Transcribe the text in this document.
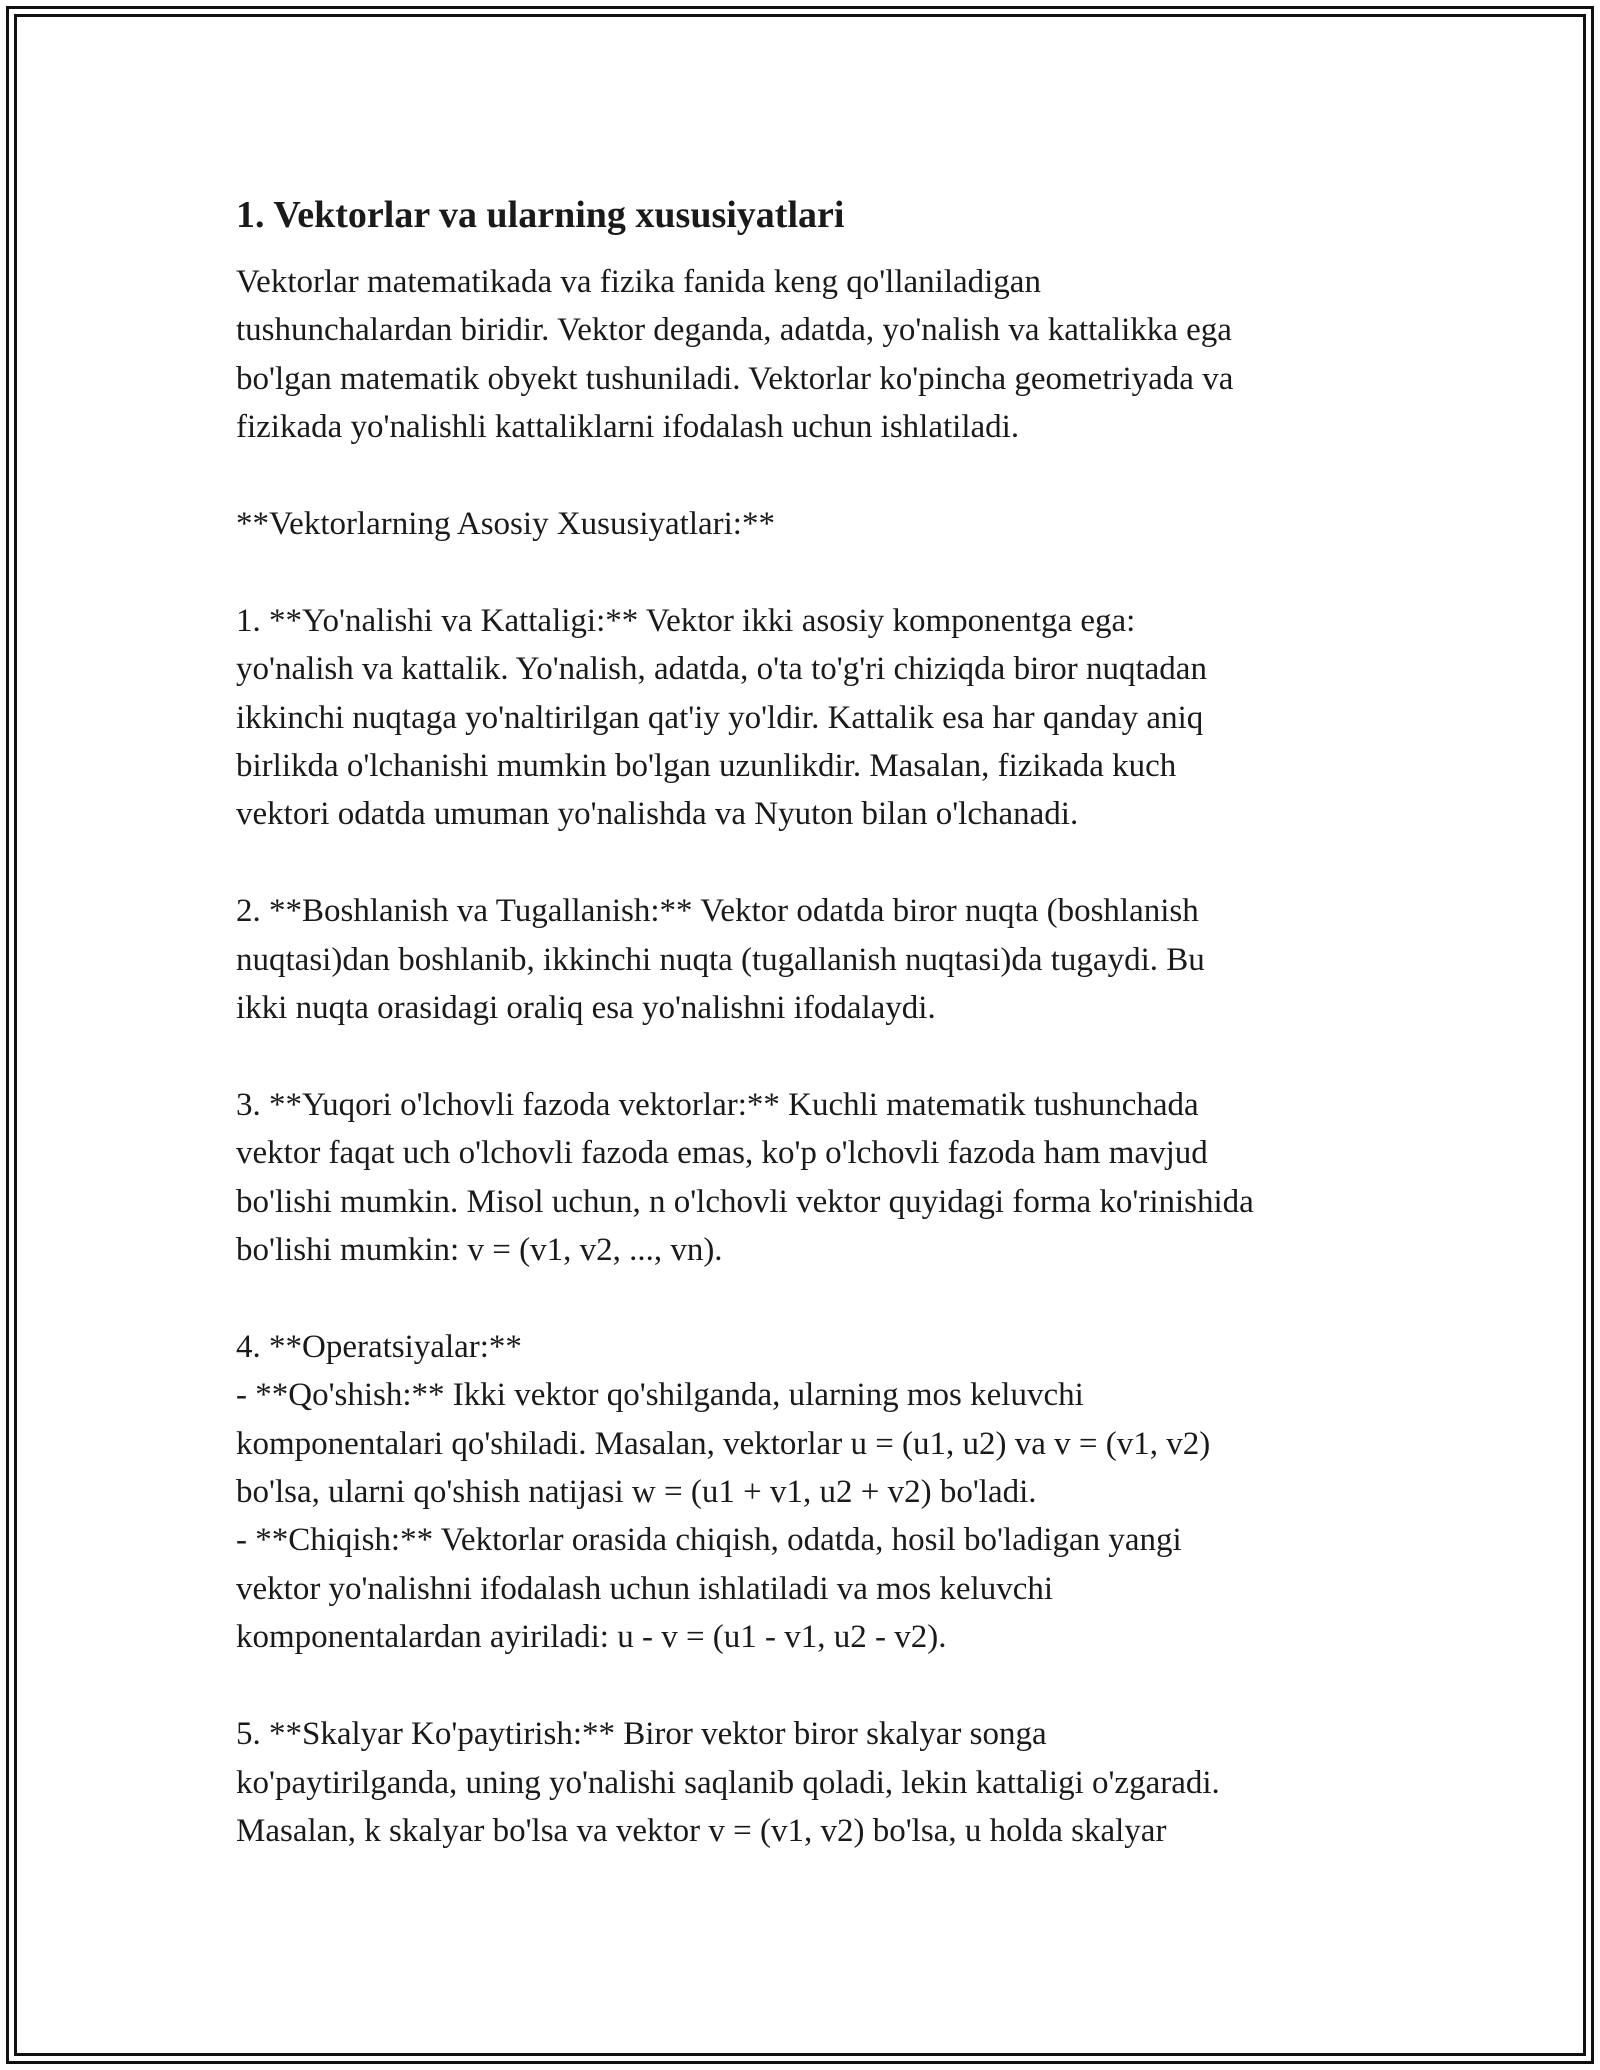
1. Vektorlar va ularning xususiyatlari

Vektorlar matematikada va fizika fanida keng qo'llaniladigan
tushunchalardan biridir. Vektor deganda, adatda, yo'nalish va kattalikka ega
bo'lgan matematik obyekt tushuniladi. Vektorlar ko'pincha geometriyada va
fizikada yo'nalishli kattaliklarni ifodalash uchun ishlatiladi.

**Vektorlarning Asosiy Xususiyatlari:**

1. **Yo'nalishi va Kattaligi:** Vektor ikki asosiy komponentga ega:
yo'nalish va kattalik. Yo'nalish, adatda, o'ta to'g'ri chiziqda biror nuqtadan
ikkinchi nuqtaga yo'naltirilgan qat'iy yo'ldir. Kattalik esa har qanday aniq
birlikda o'lchanishi mumkin bo'lgan uzunlikdir. Masalan, fizikada kuch
vektori odatda umuman yo'nalishda va Nyuton bilan o'lchanadi.

2. **Boshlanish va Tugallanish:** Vektor odatda biror nuqta (boshlanish
nuqtasi)dan boshlanib, ikkinchi nuqta (tugallanish nuqtasi)da tugaydi. Bu
ikki nuqta orasidagi oraliq esa yo'nalishni ifodalaydi.

3. **Yuqori o'lchovli fazoda vektorlar:** Kuchli matematik tushunchada
vektor faqat uch o'lchovli fazoda emas, ko'p o'lchovli fazoda ham mavjud
bo'lishi mumkin. Misol uchun, n o'lchovli vektor quyidagi forma ko'rinishida
bo'lishi mumkin: v = (v1, v2, ..., vn).

4. **Operatsiyalar:**
- **Qo'shish:** Ikki vektor qo'shilganda, ularning mos keluvchi
komponentalari qo'shiladi. Masalan, vektorlar u = (u1, u2) va v = (v1, v2)
bo'lsa, ularni qo'shish natijasi w = (u1 + v1, u2 + v2) bo'ladi.
- **Chiqish:** Vektorlar orasida chiqish, odatda, hosil bo'ladigan yangi
vektor yo'nalishni ifodalash uchun ishlatiladi va mos keluvchi
komponentalardan ayiriladi: u - v = (u1 - v1, u2 - v2).

5. **Skalyar Ko'paytirish:** Biror vektor biror skalyar songa
ko'paytirilganda, uning yo'nalishi saqlanib qoladi, lekin kattaligi o'zgaradi.
Masalan, k skalyar bo'lsa va vektor v = (v1, v2) bo'lsa, u holda skalyar
